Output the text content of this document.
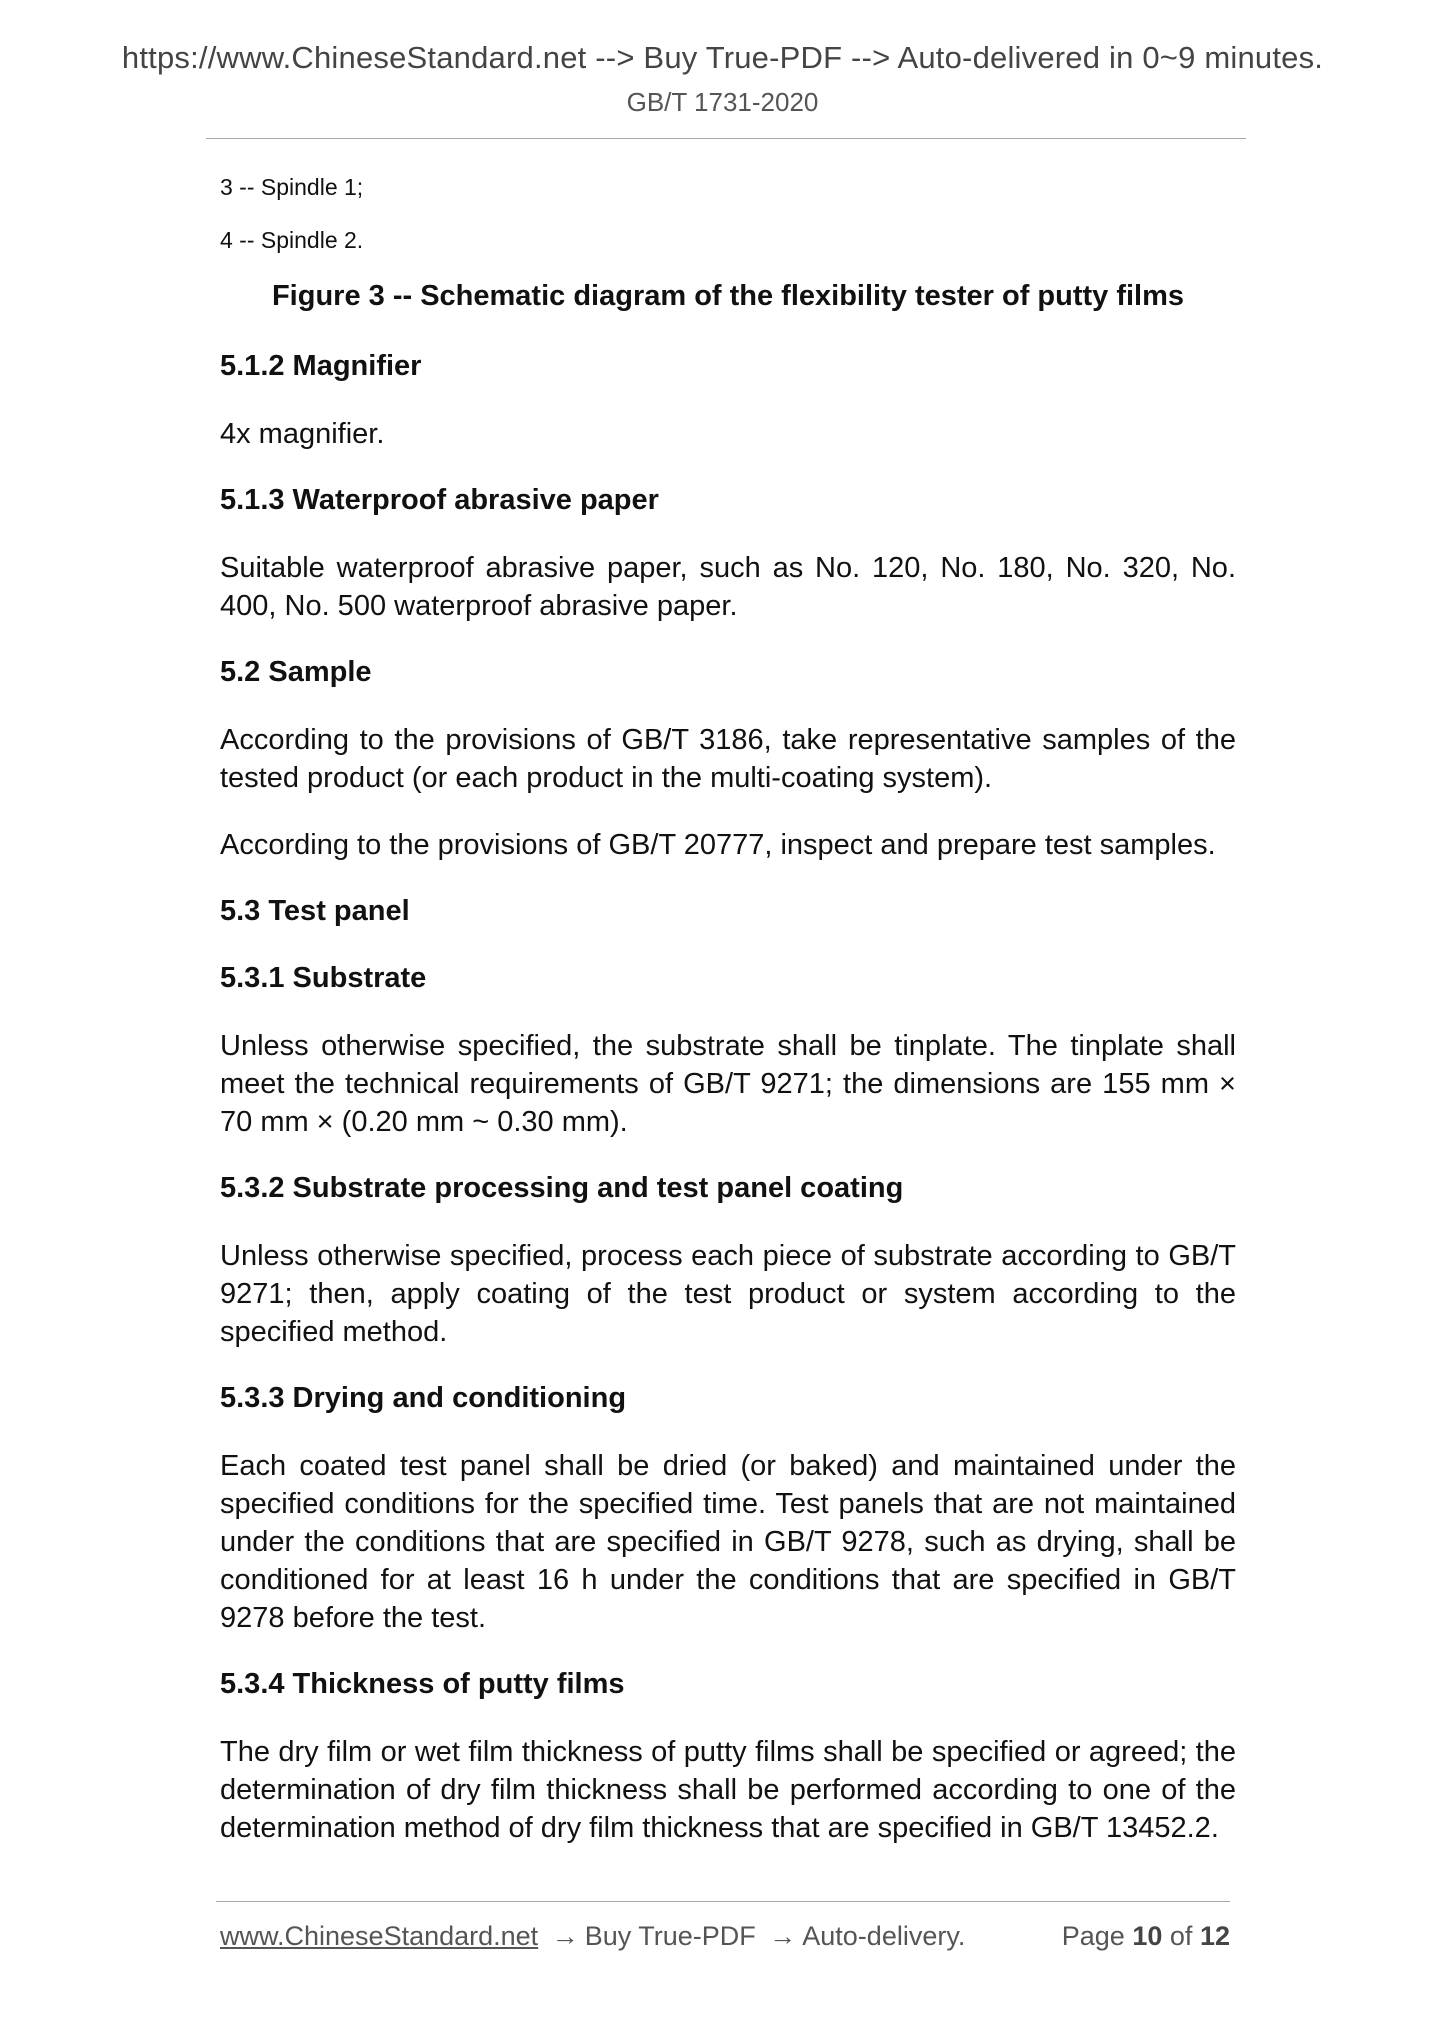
https://www.ChineseStandard.net --> Buy True-PDF --> Auto-delivered in 0~9 minutes.
GB/T 1731-2020
3 -- Spindle 1;
4 -- Spindle 2.
Figure 3 -- Schematic diagram of the flexibility tester of putty films
5.1.2 Magnifier

4x magnifier.

5.1.3 Waterproof abrasive paper

Suitable waterproof abrasive paper, such as No. 120, No. 180, No. 320, No. 400, No. 500 waterproof abrasive paper.

5.2 Sample

According to the provisions of GB/T 3186, take representative samples of the tested product (or each product in the multi-coating system).

According to the provisions of GB/T 20777, inspect and prepare test samples.

5.3 Test panel
5.3.1 Substrate

Unless otherwise specified, the substrate shall be tinplate. The tinplate shall meet the technical requirements of GB/T 9271; the dimensions are 155 mm × 70 mm × (0.20 mm ~ 0.30 mm).

5.3.2 Substrate processing and test panel coating

Unless otherwise specified, process each piece of substrate according to GB/T 9271; then, apply coating of the test product or system according to the specified method.

5.3.3 Drying and conditioning

Each coated test panel shall be dried (or baked) and maintained under the specified conditions for the specified time. Test panels that are not maintained under the conditions that are specified in GB/T 9278, such as drying, shall be conditioned for at least 16 h under the conditions that are specified in GB/T 9278 before the test.

5.3.4 Thickness of putty films

The dry film or wet film thickness of putty films shall be specified or agreed; the determination of dry film thickness shall be performed according to one of the determination method of dry film thickness that are specified in GB/T 13452.2.

www.ChineseStandard.net → Buy True-PDF → Auto-delivery.	Page 10 of 12
